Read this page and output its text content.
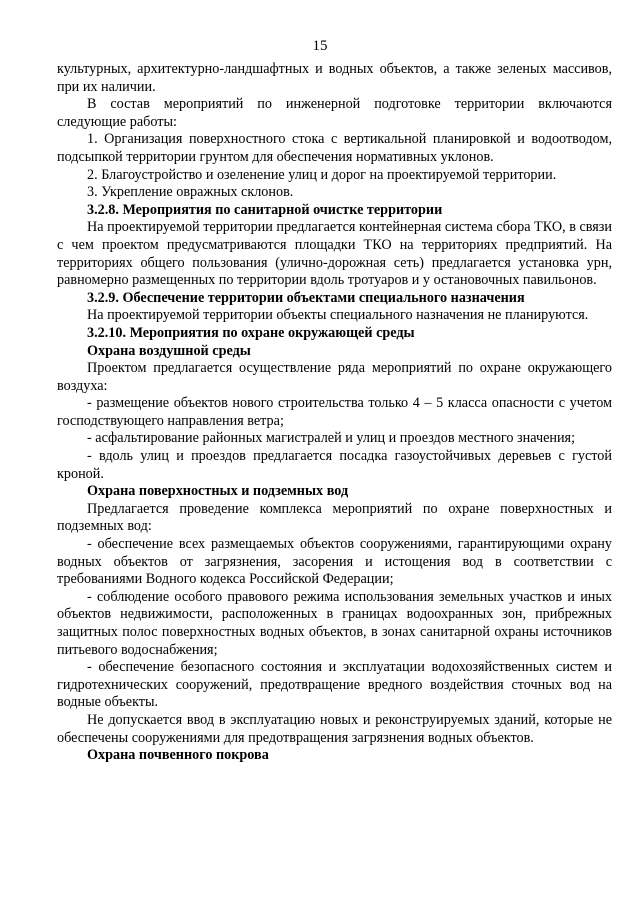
15

культурных, архитектурно-ландшафтных и водных объектов, а также зеленых массивов, при их наличии.

В состав мероприятий по инженерной подготовке территории включаются следующие работы:

1. Организация поверхностного стока с вертикальной планировкой и водоотводом, подсыпкой территории грунтом для обеспечения нормативных уклонов.

2. Благоустройство и озеленение улиц и дорог на проектируемой территории.

3. Укрепление овражных склонов.

3.2.8. Мероприятия по санитарной очистке территории

На проектируемой территории предлагается контейнерная система сбора ТКО, в связи с чем проектом предусматриваются площадки ТКО на территориях предприятий. На территориях общего пользования (улично-дорожная сеть) предлагается установка урн, равномерно размещенных по территории вдоль тротуаров и у остановочных павильонов.

3.2.9. Обеспечение территории объектами специального назначения

На проектируемой территории объекты специального назначения не планируются.

3.2.10. Мероприятия по охране окружающей среды
Охрана воздушной среды

Проектом предлагается осуществление ряда мероприятий по охране окружающего воздуха:

- размещение объектов нового строительства только 4 – 5 класса опасности с учетом господствующего направления ветра;

- асфальтирование районных магистралей и улиц и проездов местного значения;

- вдоль улиц и проездов предлагается посадка газоустойчивых деревьев с густой кроной.

Охрана поверхностных и подземных вод

Предлагается проведение комплекса мероприятий по охране поверхностных и подземных вод:

- обеспечение всех размещаемых объектов сооружениями, гарантирующими охрану водных объектов от загрязнения, засорения и истощения вод в соответствии с требованиями Водного кодекса Российской Федерации;

- соблюдение особого правового режима использования земельных участков и иных объектов недвижимости, расположенных в границах водоохранных зон, прибрежных защитных полос поверхностных водных объектов, в зонах санитарной охраны источников питьевого водоснабжения;

- обеспечение безопасного состояния и эксплуатации водохозяйственных систем и гидротехнических сооружений, предотвращение вредного воздействия сточных вод на водные объекты.

Не допускается ввод в эксплуатацию новых и реконструируемых зданий, которые не обеспечены сооружениями для предотвращения загрязнения водных объектов.

Охрана почвенного покрова
